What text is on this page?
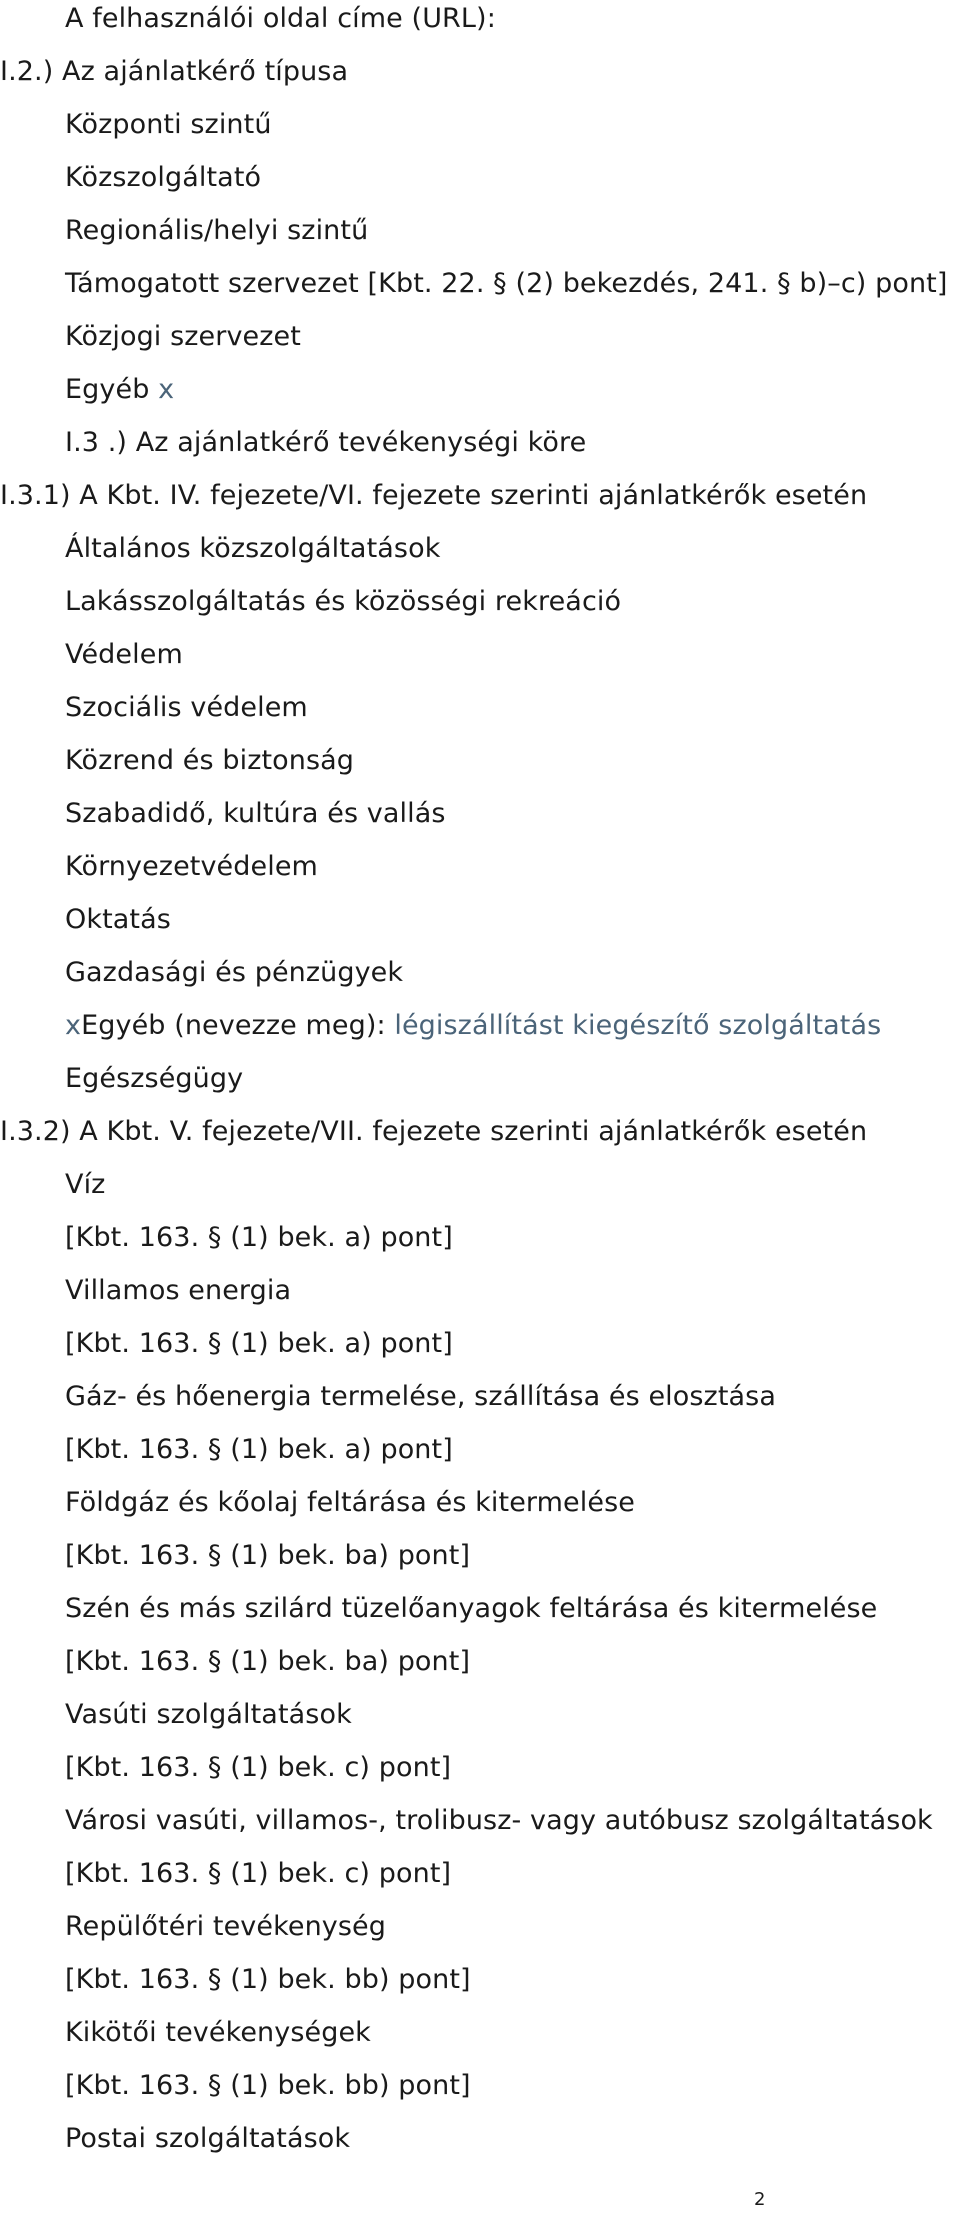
A felhasználói oldal címe (URL):
I.2.) Az ajánlatkérő típusa
Központi szintű
Közszolgáltató
Regionális/helyi szintű
Támogatott szervezet [Kbt. 22. § (2) bekezdés, 241. § b)–c) pont]
Közjogi szervezet
Egyéb x
I.3 .) Az ajánlatkérő tevékenységi köre
I.3.1) A Kbt. IV. fejezete/VI. fejezete szerinti ajánlatkérők esetén
Általános közszolgáltatások
Lakásszolgáltatás és közösségi rekreáció
Védelem
Szociális védelem
Közrend és biztonság
Szabadidő, kultúra és vallás
Környezetvédelem
Oktatás
Gazdasági és pénzügyek
xEgyéb (nevezze meg): légiszállítást kiegészítő szolgáltatás
Egészségügy
I.3.2) A Kbt. V. fejezete/VII. fejezete szerinti ajánlatkérők esetén
Víz
[Kbt. 163. § (1) bek. a) pont]
Villamos energia
[Kbt. 163. § (1) bek. a) pont]
Gáz- és hőenergia termelése, szállítása és elosztása
[Kbt. 163. § (1) bek. a) pont]
Földgáz és kőolaj feltárása és kitermelése
[Kbt. 163. § (1) bek. ba) pont]
Szén és más szilárd tüzelőanyagok feltárása és kitermelése
[Kbt. 163. § (1) bek. ba) pont]
Vasúti szolgáltatások
[Kbt. 163. § (1) bek. c) pont]
Városi vasúti, villamos-, trolibusz- vagy autóbusz szolgáltatások
[Kbt. 163. § (1) bek. c) pont]
Repülőtéri tevékenység
[Kbt. 163. § (1) bek. bb) pont]
Kikötői tevékenységek
[Kbt. 163. § (1) bek. bb) pont]
Postai szolgáltatások
2
